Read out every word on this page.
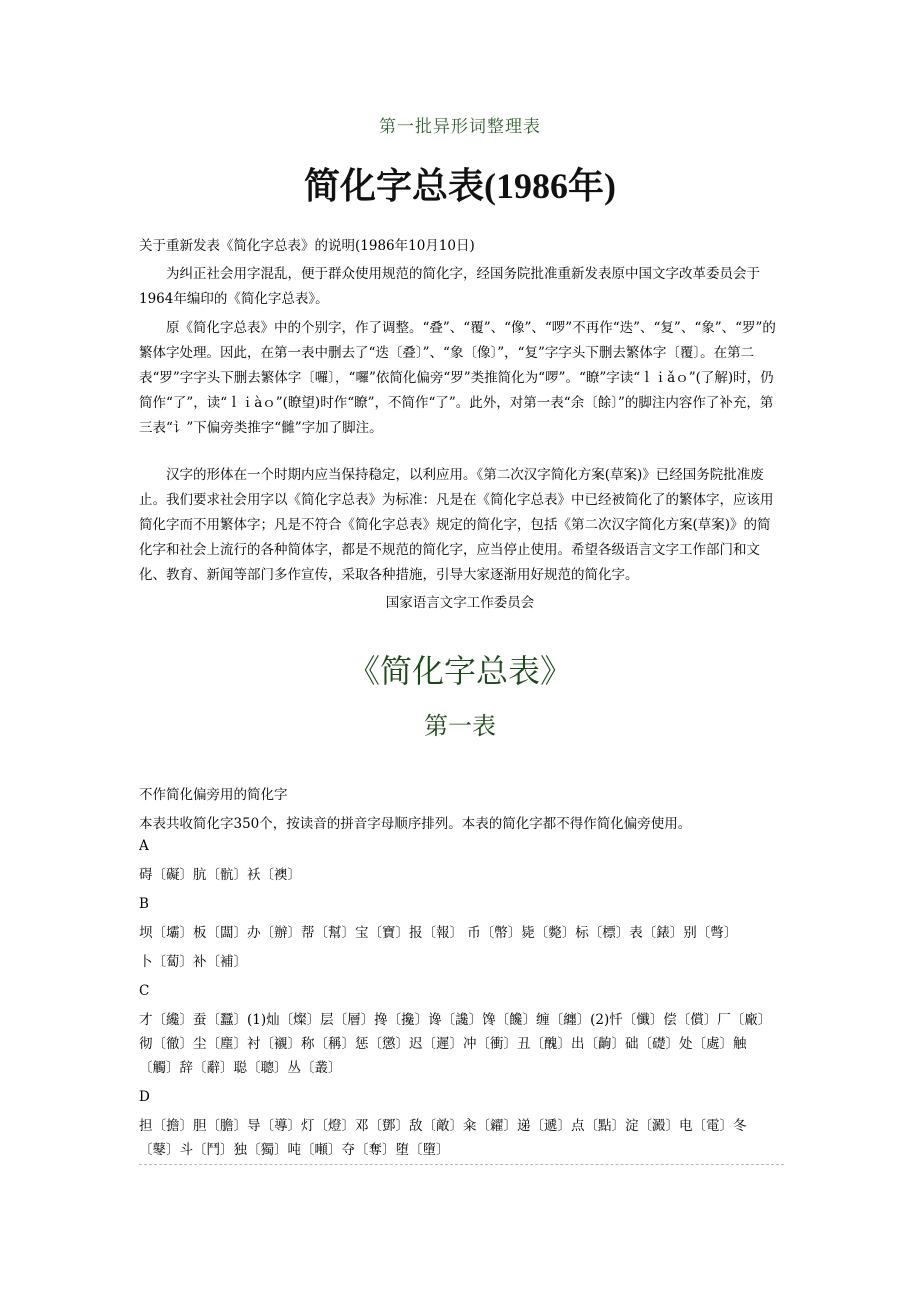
第一批异形词整理表
简化字总表(1986年)
关于重新发表《简化字总表》的说明(1986年10月10日)

为纠正社会用字混乱，便于群众使用规范的简化字，经国务院批准重新发表原中国文字改革委员会于1964年编印的《简化字总表》。

原《简化字总表》中的个别字，作了调整。“叠”、“覆”、“像”、“啰”不再作“迭”、“复”、“象”、“罗”的繁体字处理。因此，在第一表中删去了“迭〔叠〕”、“象〔像〕”，“复”字字头下删去繁体字〔覆〕。在第二表“罗”字字头下删去繁体字〔囉〕，“囉”依简化偏旁“罗”类推简化为“啰”。“瞭”字读“ｌｉǎｏ”(了解)时，仍简作“了”，读“ｌｉàｏ”(瞭望)时作“瞭”，不简作“了”。此外，对第一表“余〔餘〕”的脚注内容作了补充，第三表“讠”下偏旁类推字“雠”字加了脚注。

汉字的形体在一个时期内应当保持稳定，以利应用。《第二次汉字简化方案(草案)》已经国务院批准废止。我们要求社会用字以《简化字总表》为标准：凡是在《简化字总表》中已经被简化了的繁体字，应该用简化字而不用繁体字；凡是不符合《简化字总表》规定的简化字，包括《第二次汉字简化方案(草案)》的简化字和社会上流行的各种简体字，都是不规范的简化字，应当停止使用。希望各级语言文字工作部门和文化、教育、新闻等部门多作宣传，采取各种措施，引导大家逐渐用好规范的简化字。

国家语言文字工作委员会
《简化字总表》
第一表
不作简化偏旁用的简化字
本表共收简化字350个，按读音的拼音字母顺序排列。本表的简化字都不得作简化偏旁使用。
A
碍〔礙〕肮〔骯〕袄〔襖〕
B
坝〔壩〕板〔闆〕办〔辦〕帮〔幫〕宝〔寶〕报〔報〕 币〔幣〕毙〔斃〕标〔標〕表〔錶〕别〔彆〕
卜〔蔔〕补〔補〕
C
才〔纔〕蚕〔蠶〕(1)灿〔燦〕层〔層〕搀〔攙〕谗〔讒〕馋〔饞〕缠〔纏〕(2)忏〔懺〕偿〔償〕厂〔廠〕
彻〔徹〕尘〔塵〕衬〔襯〕称〔稱〕惩〔懲〕迟〔遲〕冲〔衝〕丑〔醜〕出〔齣〕础〔礎〕处〔處〕触
〔觸〕辞〔辭〕聪〔聰〕丛〔叢〕
D
担〔擔〕胆〔膽〕导〔導〕灯〔燈〕邓〔鄧〕敌〔敵〕籴〔糴〕递〔遞〕点〔點〕淀〔澱〕电〔電〕冬
〔鼕〕斗〔鬥〕独〔獨〕吨〔噸〕夺〔奪〕堕〔墮〕
